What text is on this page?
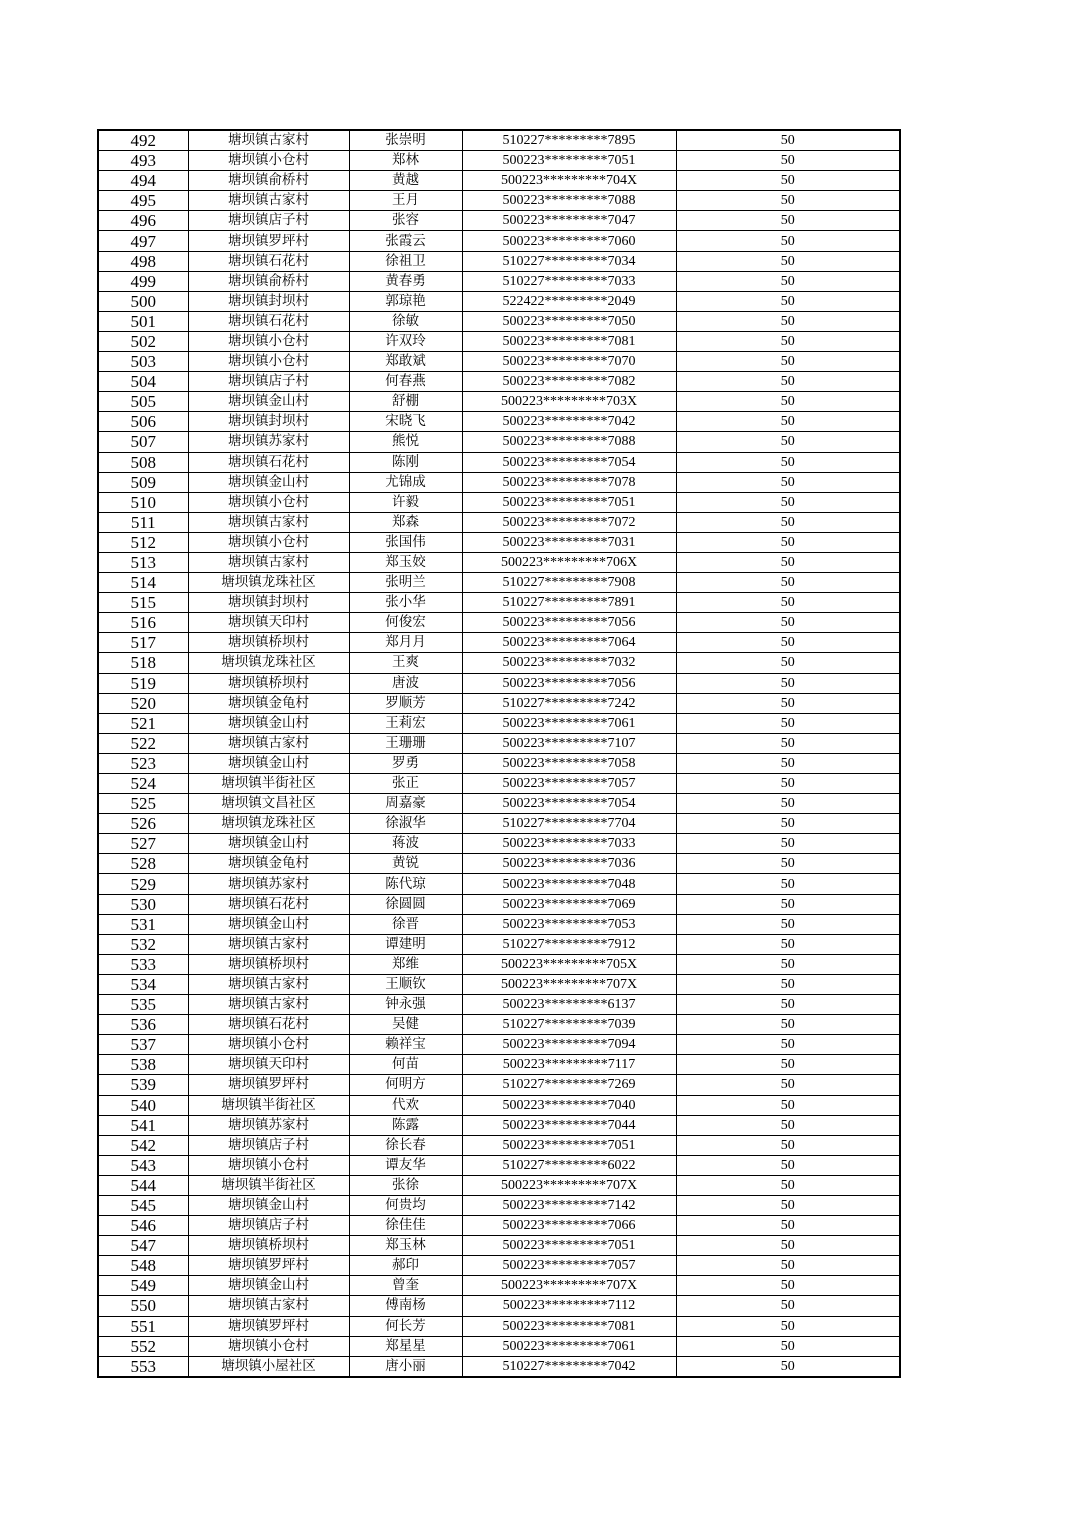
492	塘坝镇古家村	张崇明	510227*********7895	50
493	塘坝镇小仓村	郑林	500223*********7051	50
494	塘坝镇俞桥村	黄越	500223*********704X	50
495	塘坝镇古家村	王月	500223*********7088	50
496	塘坝镇店子村	张容	500223*********7047	50
497	塘坝镇罗坪村	张霞云	500223*********7060	50
498	塘坝镇石花村	徐祖卫	510227*********7034	50
499	塘坝镇俞桥村	黄春勇	510227*********7033	50
500	塘坝镇封坝村	郭琼艳	522422*********2049	50
501	塘坝镇石花村	徐敏	500223*********7050	50
502	塘坝镇小仓村	许双玲	500223*********7081	50
503	塘坝镇小仓村	郑敢斌	500223*********7070	50
504	塘坝镇店子村	何春燕	500223*********7082	50
505	塘坝镇金山村	舒棚	500223*********703X	50
506	塘坝镇封坝村	宋晓飞	500223*********7042	50
507	塘坝镇苏家村	熊悦	500223*********7088	50
508	塘坝镇石花村	陈刚	500223*********7054	50
509	塘坝镇金山村	尤锦成	500223*********7078	50
510	塘坝镇小仓村	许毅	500223*********7051	50
511	塘坝镇古家村	郑森	500223*********7072	50
512	塘坝镇小仓村	张国伟	500223*********7031	50
513	塘坝镇古家村	郑玉姣	500223*********706X	50
514	塘坝镇龙珠社区	张明兰	510227*********7908	50
515	塘坝镇封坝村	张小华	510227*********7891	50
516	塘坝镇天印村	何俊宏	500223*********7056	50
517	塘坝镇桥坝村	郑月月	500223*********7064	50
518	塘坝镇龙珠社区	王爽	500223*********7032	50
519	塘坝镇桥坝村	唐波	500223*********7056	50
520	塘坝镇金龟村	罗顺芳	510227*********7242	50
521	塘坝镇金山村	王莉宏	500223*********7061	50
522	塘坝镇古家村	王珊珊	500223*********7107	50
523	塘坝镇金山村	罗勇	500223*********7058	50
524	塘坝镇半街社区	张正	500223*********7057	50
525	塘坝镇文昌社区	周嘉豪	500223*********7054	50
526	塘坝镇龙珠社区	徐淑华	510227*********7704	50
527	塘坝镇金山村	蒋波	500223*********7033	50
528	塘坝镇金龟村	黄锐	500223*********7036	50
529	塘坝镇苏家村	陈代琼	500223*********7048	50
530	塘坝镇石花村	徐圆圆	500223*********7069	50
531	塘坝镇金山村	徐晋	500223*********7053	50
532	塘坝镇古家村	谭建明	510227*********7912	50
533	塘坝镇桥坝村	郑维	500223*********705X	50
534	塘坝镇古家村	王顺钦	500223*********707X	50
535	塘坝镇古家村	钟永强	500223*********6137	50
536	塘坝镇石花村	吴健	510227*********7039	50
537	塘坝镇小仓村	赖祥宝	500223*********7094	50
538	塘坝镇天印村	何苗	500223*********7117	50
539	塘坝镇罗坪村	何明方	510227*********7269	50
540	塘坝镇半街社区	代欢	500223*********7040	50
541	塘坝镇苏家村	陈露	500223*********7044	50
542	塘坝镇店子村	徐长春	500223*********7051	50
543	塘坝镇小仓村	谭友华	510227*********6022	50
544	塘坝镇半街社区	张徐	500223*********707X	50
545	塘坝镇金山村	何贵均	500223*********7142	50
546	塘坝镇店子村	徐佳佳	500223*********7066	50
547	塘坝镇桥坝村	郑玉林	500223*********7051	50
548	塘坝镇罗坪村	郝印	500223*********7057	50
549	塘坝镇金山村	曾奎	500223*********707X	50
550	塘坝镇古家村	傅南杨	500223*********7112	50
551	塘坝镇罗坪村	何长芳	500223*********7081	50
552	塘坝镇小仓村	郑星星	500223*********7061	50
553	塘坝镇小屋社区	唐小丽	510227*********7042	50
